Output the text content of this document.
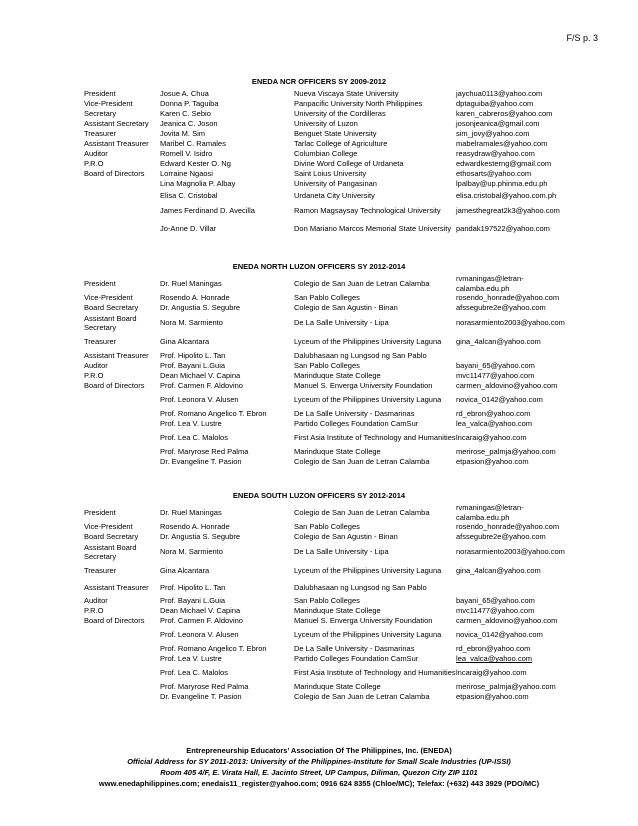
F/S p. 3
ENEDA NCR OFFICERS SY 2009-2012
President	Josue A. Chua	Nueva Viscaya State University	jaychua0113@yahoo.com
Vice-President	Donna P. Taguiba	Panpacific University North Philippines	dptaguiba@yahoo.com
Secretary	Karen C. Sebio	University of the Cordilleras	karen_cabreros@yahoo.com
Assistant Secretary	Jeanica C. Joson	University of Luzon	josonjeanica@gmail.com
Treasurer	Jovita M. Sim	Benguet State University	sim_jovy@yahoo.com
Assistant Treasurer	Maribel C. Ramales	Tarlac College of Agriculture	mabelramales@yahoo.com
Auditor	Romell V. Isidro	Columbian College	reasydraw@yahoo.com
P.R.O	Edward Kester O. Ng	Divine Word College of Urdaneta	edwardkesterng@gmail.com
Board of Directors	Lorraine Ngaosi	Saint Loius University	ethosarts@yahoo.com
	Lina Magnolia P. Albay	University of Pangasinan	lpalbay@up.phinma.edu.ph
	Elisa C. Cristobal	Urdaneta City University	elisa.cristobal@yahoo.com.ph
	James Ferdinand D. Avecilla	Ramon Magsaysay Technological University	jamesthegreat2k3@yahoo.com
	Jo-Anne D. Villar	Don Mariano Marcos Memorial State University	pandak197522@yahoo.com
ENEDA NORTH LUZON OFFICERS SY 2012-2014
President	Dr. Ruel Maningas	Colegio de San Juan de Letran Calamba	rvmaningas@letran-calamba.edu.ph
Vice-President	Rosendo A. Honrade	San Pablo Colleges	rosendo_honrade@yahoo.com
Board Secretary	Dr. Angustia S. Segubre	Colegio de San Agustin - Binan	afssegubre2e@yahoo.com
Assistant Board Secretary	Nora M. Sarmiento	De La Salle University - Lipa	norasarmiento2003@yahoo.com
Treasurer	Gina Alcantara	Lyceum of the Philippines University Laguna	gina_4alcan@yahoo.com
Assistant Treasurer	Prof. Hipolito L. Tan	Dalubhasaan ng Lungsod ng San Pablo	
Auditor	Prof. Bayani L.Guia	San Pablo Colleges	bayani_65@yahoo.com
P.R.O	Dean Michael V. Capina	Marinduque State College	mvc11477@yahoo.com
Board of Directors	Prof. Carmen F. Aldovino	Manuel S. Enverga University Foundation	carmen_aldovino@yahoo.com
	Prof. Leonora V. Alusen	Lyceum of the Philippines University Laguna	novica_0142@yahoo.com
	Prof. Romano Angelico T. Ebron	De La Salle University - Dasmarinas	rd_ebron@yahoo.com
	Prof. Lea V. Lustre	Partido Colleges Foundation CamSur	lea_valca@yahoo.com
	Prof. Lea C. Malolos	First Asia Institute of Technology and Humanities	lncaraig@yahoo.com
	Prof. Maryrose Red Palma	Marinduque State College	merirose_palmja@yahoo.com
	Dr. Evangeline T. Pasion	Colegio de San Juan de Letran Calamba	etpasion@yahoo.com
ENEDA SOUTH LUZON OFFICERS SY 2012-2014
President	Dr. Ruel Maningas	Colegio de San Juan de Letran Calamba	rvmaningas@letran-calamba.edu.ph
Vice-President	Rosendo A. Honrade	San Pablo Colleges	rosendo_honrade@yahoo.com
Board Secretary	Dr. Angustia S. Segubre	Colegio de San Agustin - Binan	afssegubre2e@yahoo.com
Assistant Board Secretary	Nora M. Sarmiento	De La Salle University - Lipa	norasarmiento2003@yahoo.com
Treasurer	Gina Alcantara	Lyceum of the Philippines University Laguna	gina_4alcan@yahoo.com
Assistant Treasurer	Prof. Hipolito L. Tan	Dalubhasaan ng Lungsod ng San Pablo	
Auditor	Prof. Bayani L.Guia	San Pablo Colleges	bayani_65@yahoo.com
P.R.O	Dean Michael V. Capina	Marinduque State College	mvc11477@yahoo.com
Board of Directors	Prof. Carmen F. Aldovino	Manuel S. Enverga University Foundation	carmen_aldovino@yahoo.com
	Prof. Leonora V. Alusen	Lyceum of the Philippines University Laguna	novica_0142@yahoo.com
	Prof. Romano Angelico T. Ebron	De La Salle University - Dasmarinas	rd_ebron@yahoo.com
	Prof. Lea V. Lustre	Partido Colleges Foundation CamSur	lea_valca@yahoo.com
	Prof. Lea C. Malolos	First Asia Institute of Technology and Humanities	lncaraig@yahoo.com
	Prof. Maryrose Red Palma	Marinduque State College	merirose_palmja@yahoo.com
	Dr. Evangeline T. Pasion	Colegio de San Juan de Letran Calamba	etpasion@yahoo.com
Entrepreneurship Educators’ Association Of The Philippines, Inc. (ENEDA)
Official Address for SY 2011-2013: University of the Philippines-Institute for Small Scale Industries (UP-ISSI)
Room 405 4/F, E. Virata Hall, E. Jacinto Street, UP Campus, Diliman, Quezon City ZIP 1101
www.enedaphilippines.com; enedais11_register@yahoo.com; 0916 624 8355 (Chloe/MC); Telefax: (+632) 443 3929 (PDO/MC)
